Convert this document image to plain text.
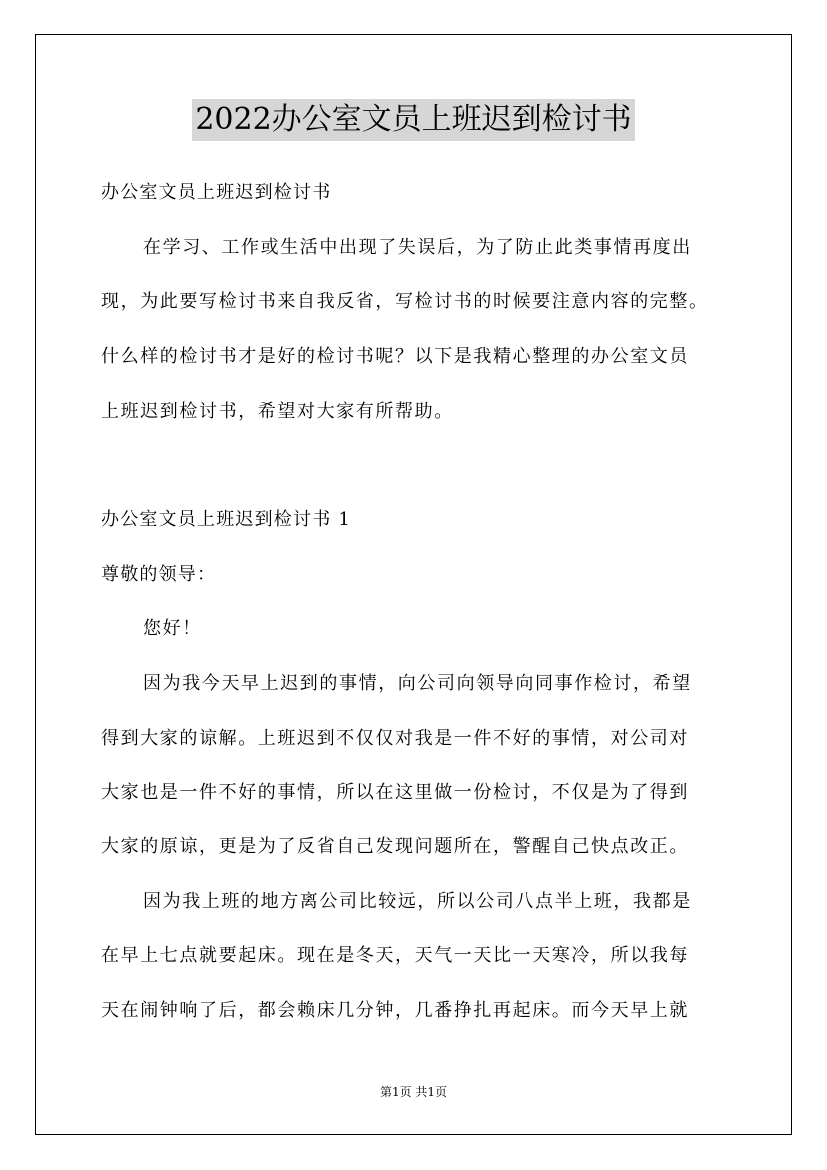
2022办公室文员上班迟到检讨书
办公室文员上班迟到检讨书
在学习、工作或生活中出现了失误后，为了防止此类事情再度出
现，为此要写检讨书来自我反省，写检讨书的时候要注意内容的完整。
什么样的检讨书才是好的检讨书呢？以下是我精心整理的办公室文员
上班迟到检讨书，希望对大家有所帮助。
办公室文员上班迟到检讨书 1
尊敬的领导：
您好！
因为我今天早上迟到的事情，向公司向领导向同事作检讨，希望
得到大家的谅解。上班迟到不仅仅对我是一件不好的事情，对公司对
大家也是一件不好的事情，所以在这里做一份检讨，不仅是为了得到
大家的原谅，更是为了反省自己发现问题所在，警醒自己快点改正。
因为我上班的地方离公司比较远，所以公司八点半上班，我都是
在早上七点就要起床。现在是冬天，天气一天比一天寒冷，所以我每
天在闹钟响了后，都会赖床几分钟，几番挣扎再起床。而今天早上就
第1页 共1页
